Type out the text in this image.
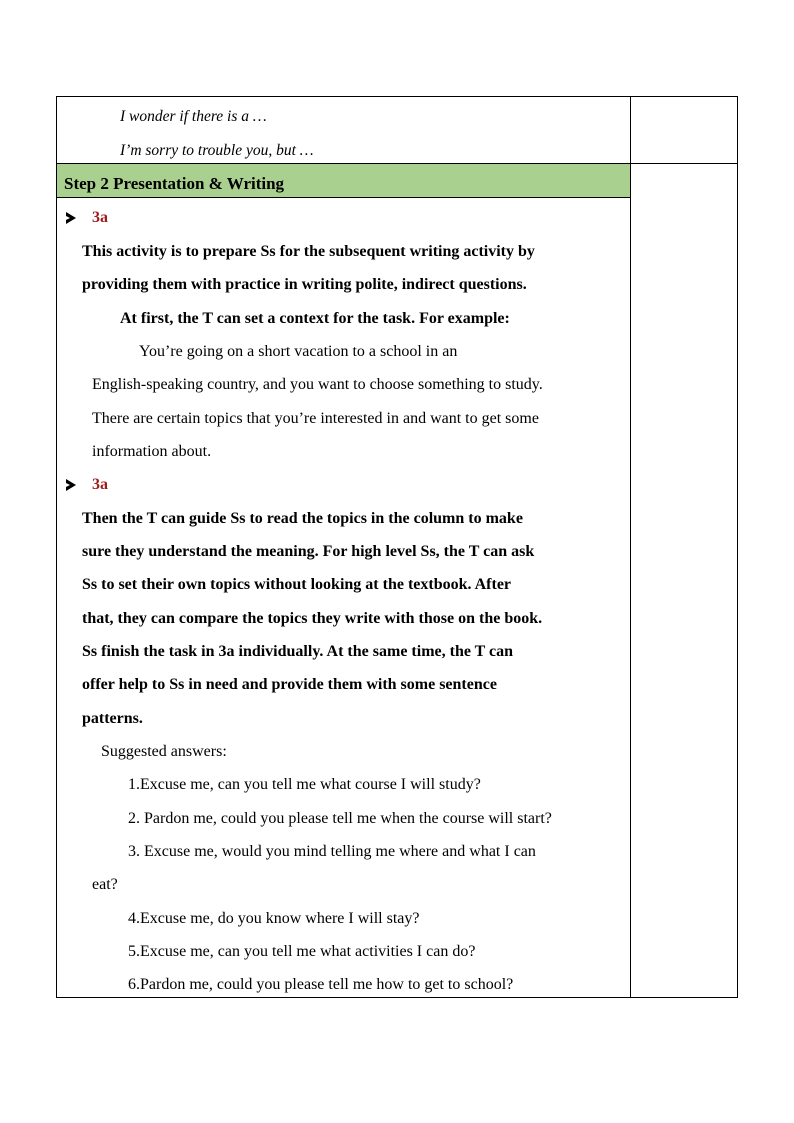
I wonder if there is a …
I’m sorry to trouble you, but …
Step 2 Presentation & Writing
3a
This activity is to prepare Ss for the subsequent writing activity by
providing them with practice in writing polite, indirect questions.
At first, the T can set a context for the task. For example:
You’re going on a short vacation to a school in an
English-speaking country, and you want to choose something to study.
There are certain topics that you’re interested in and want to get some
information about.
3a
Then the T can guide Ss to read the topics in the column to make
sure they understand the meaning. For high level Ss, the T can ask
Ss to set their own topics without looking at the textbook. After
that, they can compare the topics they write with those on the book.
Ss finish the task in 3a individually. At the same time, the T can
offer help to Ss in need and provide them with some sentence
patterns.
Suggested answers:
1.Excuse me, can you tell me what course I will study?
2. Pardon me, could you please tell me when the course will start?
3. Excuse me, would you mind telling me where and what I can
eat?
4.Excuse me, do you know where I will stay?
5.Excuse me, can you tell me what activities I can do?
6.Pardon me, could you please tell me how to get to school?
